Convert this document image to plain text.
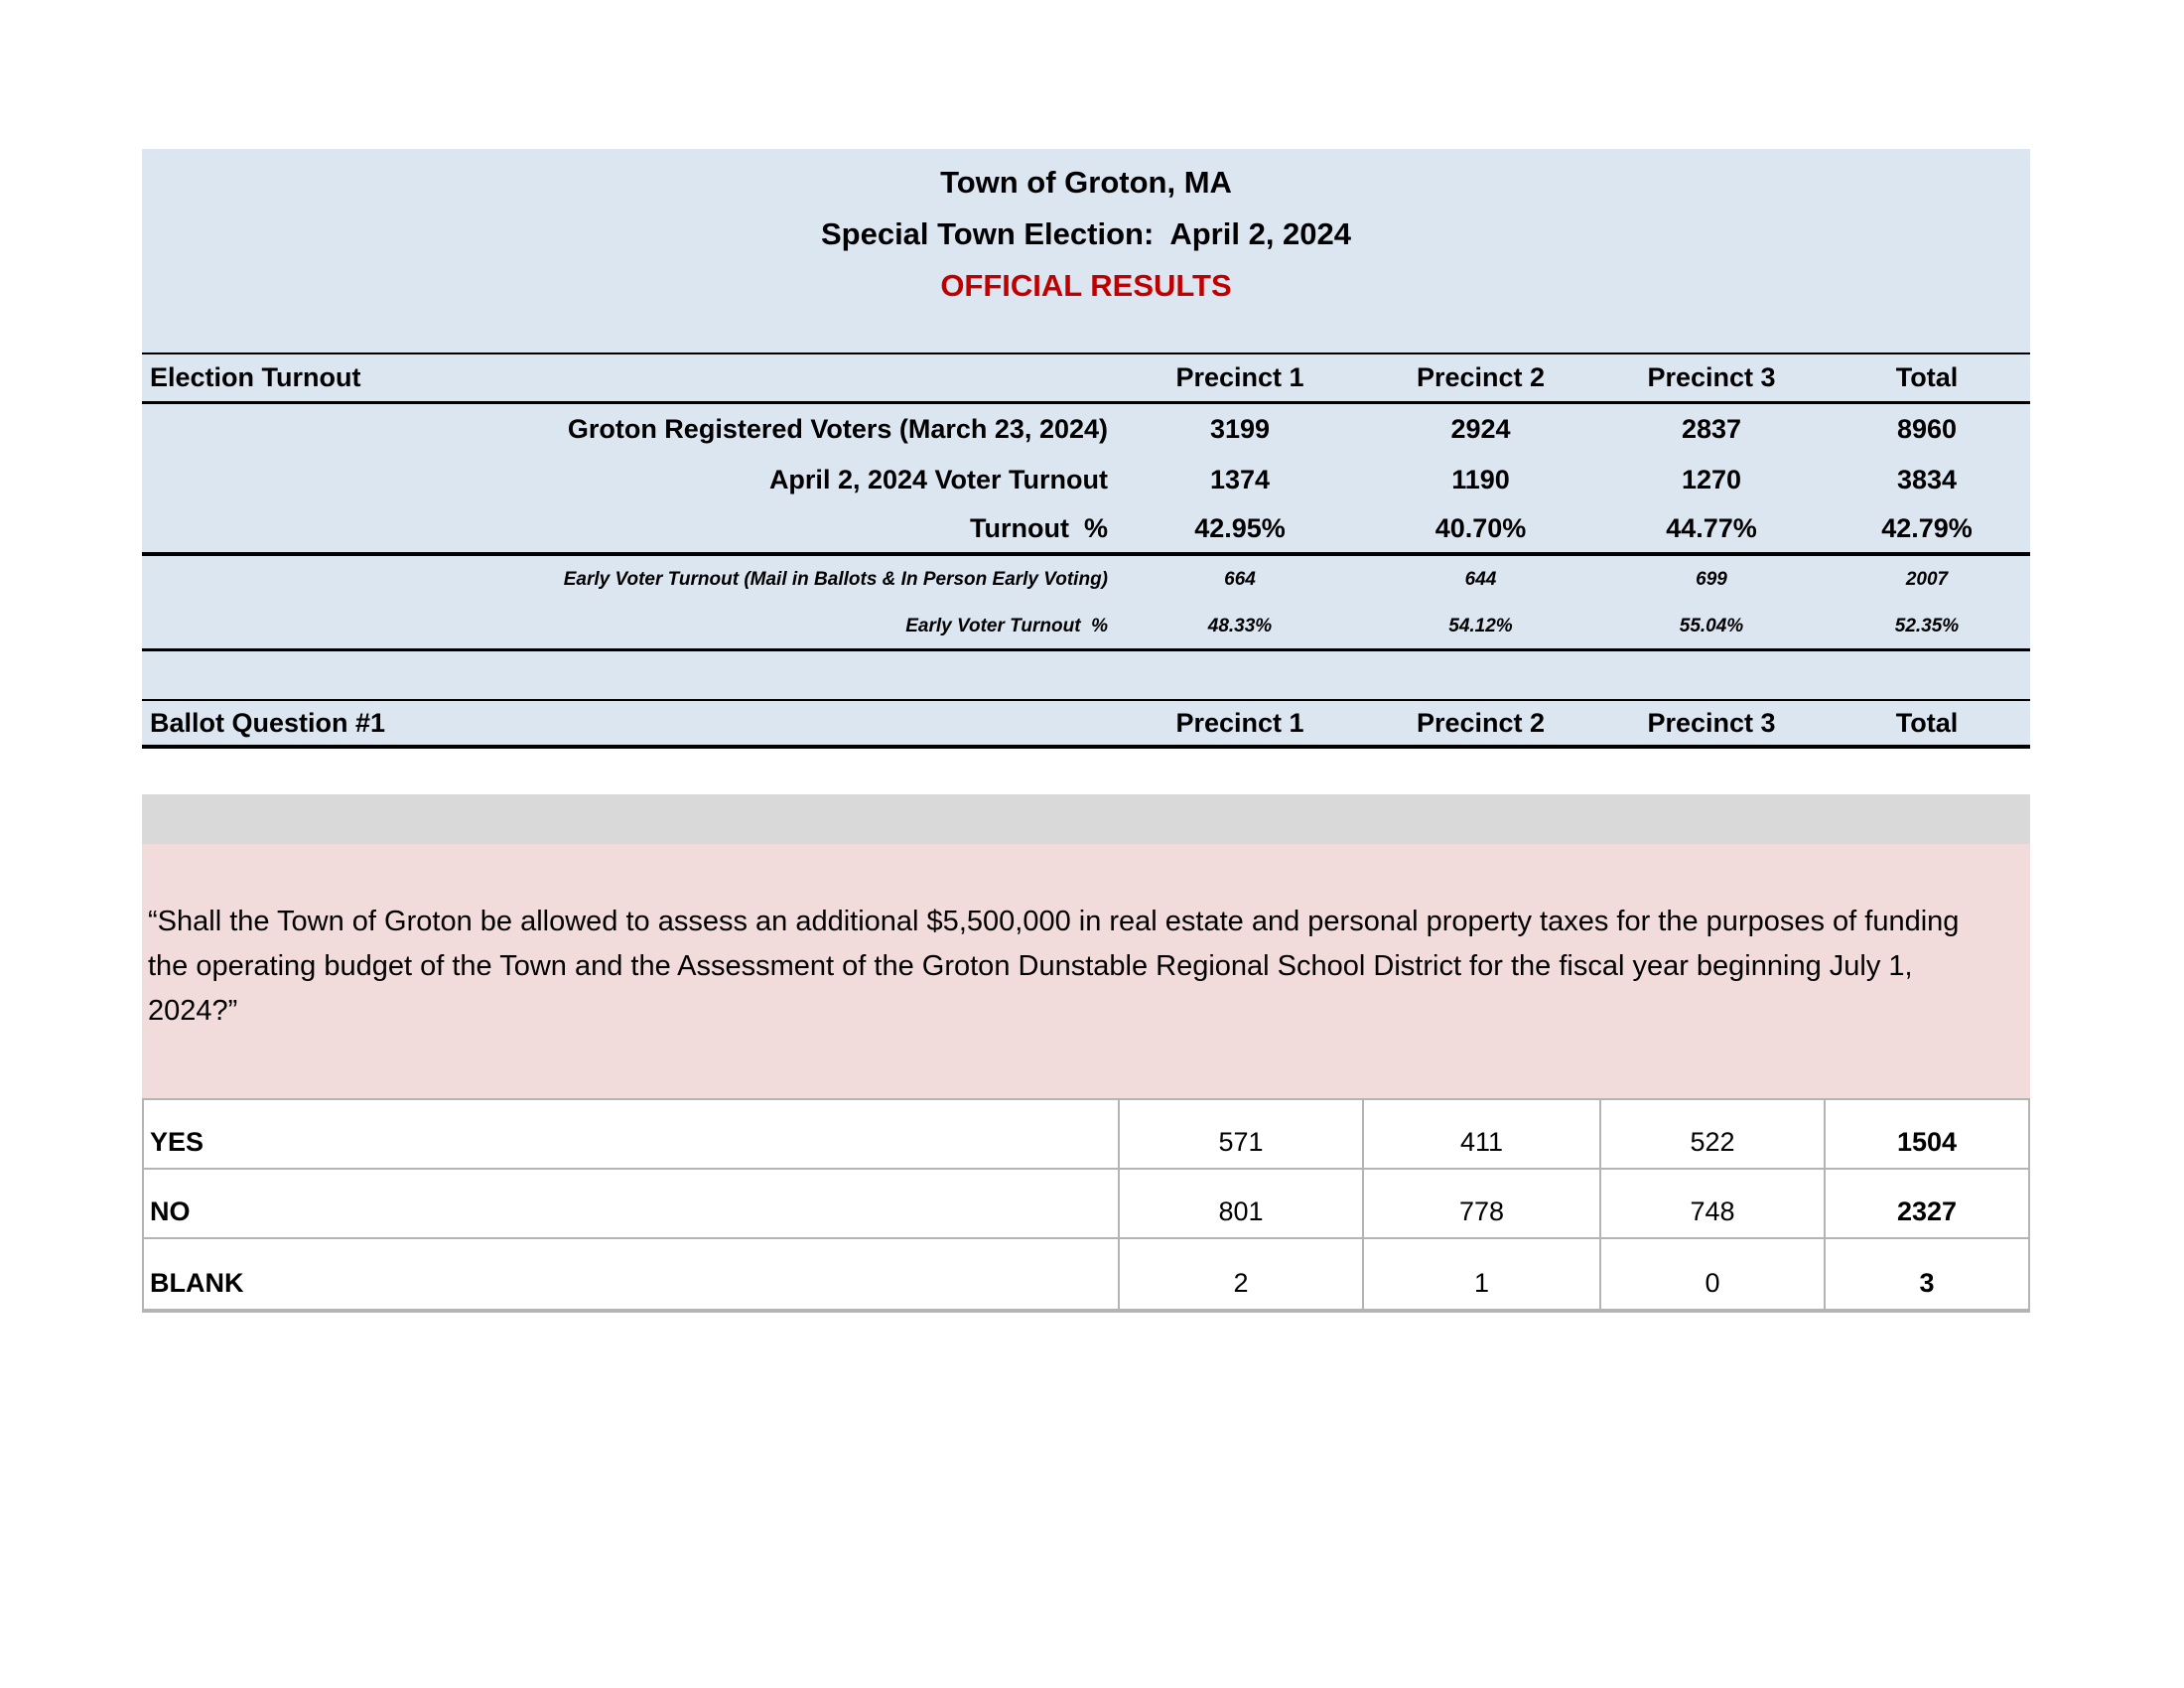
Town of Groton, MA
Special Town Election:  April 2, 2024
OFFICIAL RESULTS
Election Turnout	Precinct 1	Precinct 2	Precinct 3	Total
Groton Registered Voters (March 23, 2024)	3199	2924	2837	8960
April 2, 2024 Voter Turnout	1374	1190	1270	3834
Turnout  %	42.95%	40.70%	44.77%	42.79%
Early Voter Turnout (Mail in Ballots & In Person Early Voting)	664	644	699	2007
Early Voter Turnout  %	48.33%	54.12%	55.04%	52.35%
Ballot Question #1	Precinct 1	Precinct 2	Precinct 3	Total
“Shall the Town of Groton be allowed to assess an additional $5,500,000 in real estate and personal property taxes for the purposes of funding the operating budget of the Town and the Assessment of the Groton Dunstable Regional School District for the fiscal year beginning July 1, 2024?”
YES	571	411	522	1504
NO	801	778	748	2327
BLANK	2	1	0	3
